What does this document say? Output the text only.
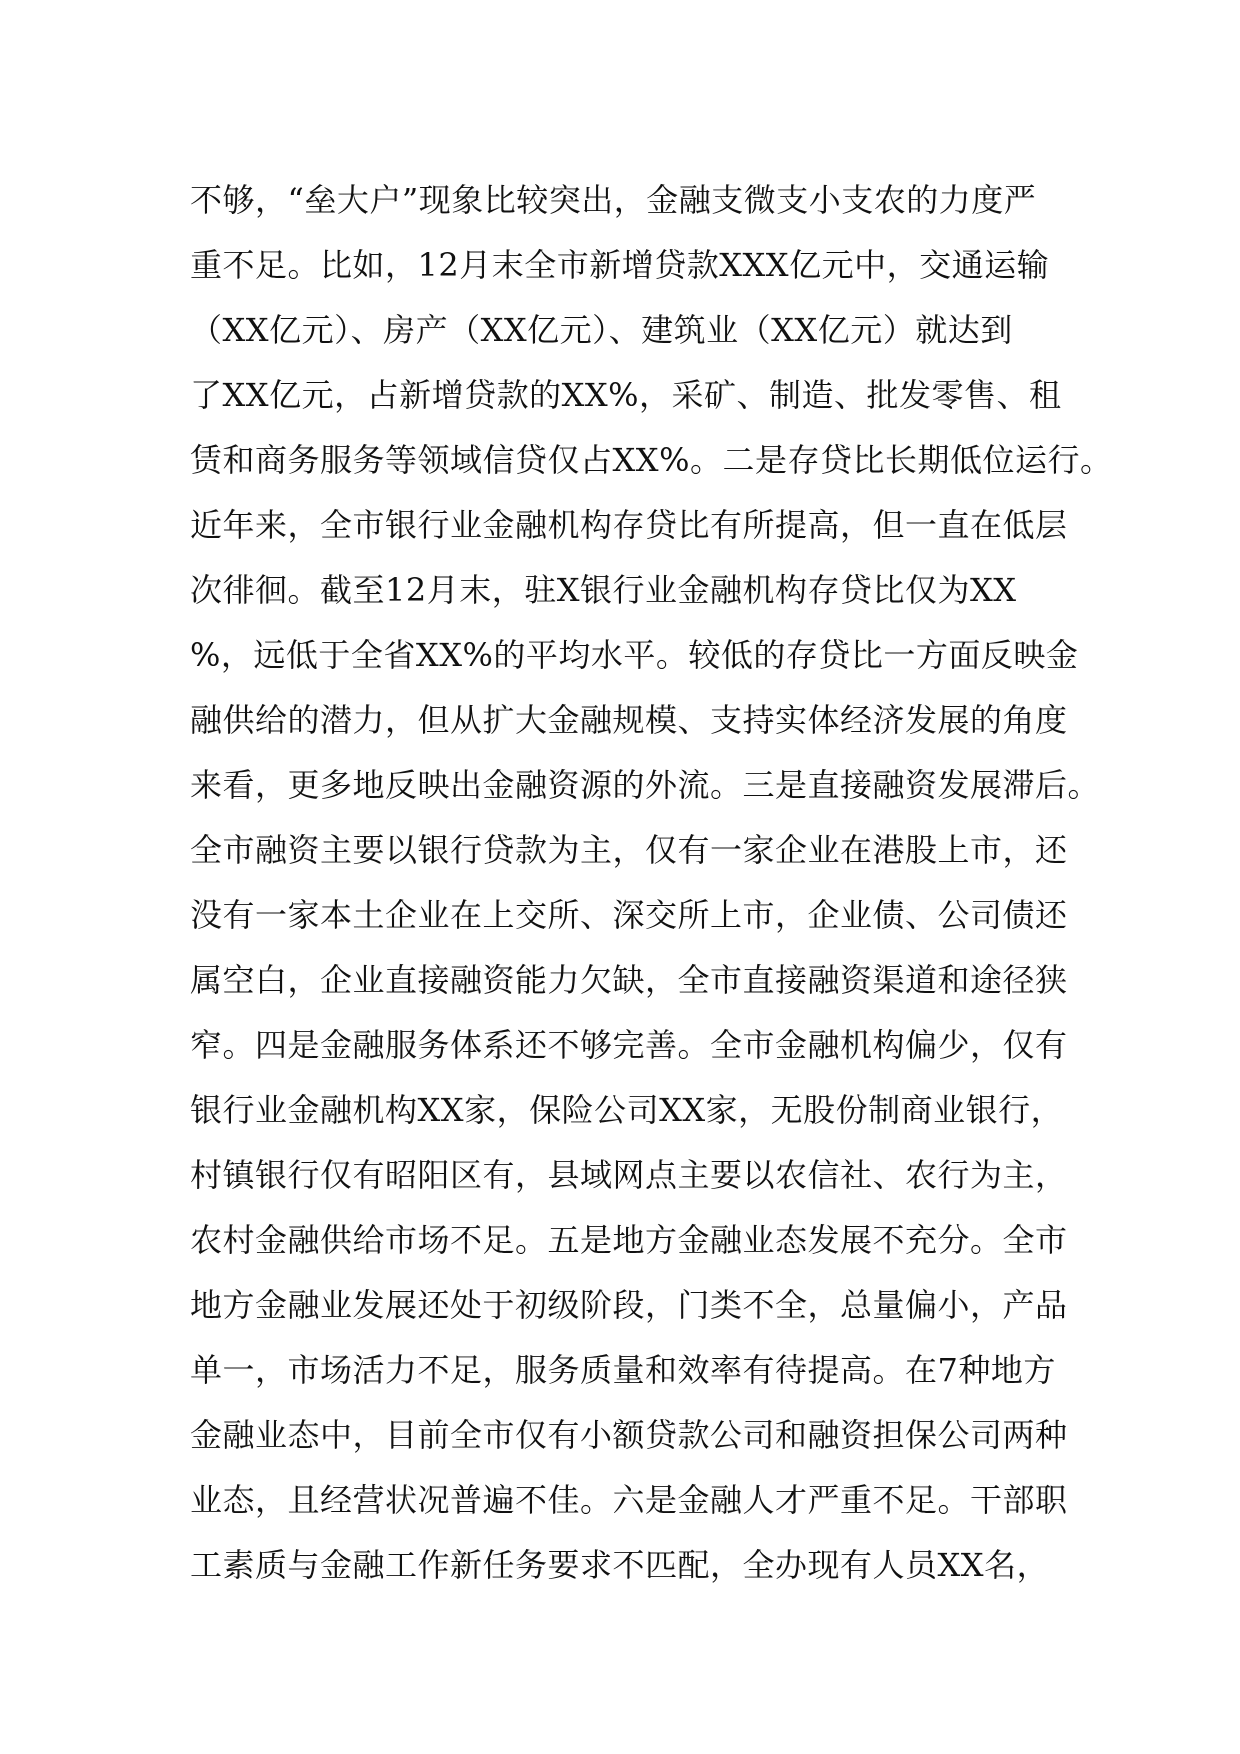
不够，“垒大户”现象比较突出，金融支微支小支农的力度严
重不足。比如，12月末全市新增贷款XXX亿元中，交通运输
（XX亿元）、房产（XX亿元）、建筑业（XX亿元）就达到
了XX亿元，占新增贷款的XX%，采矿、制造、批发零售、租
赁和商务服务等领域信贷仅占XX%。二是存贷比长期低位运行。
近年来，全市银行业金融机构存贷比有所提高，但一直在低层
次徘徊。截至12月末，驻X银行业金融机构存贷比仅为XX
%，远低于全省XX%的平均水平。较低的存贷比一方面反映金
融供给的潜力，但从扩大金融规模、支持实体经济发展的角度
来看，更多地反映出金融资源的外流。三是直接融资发展滞后。
全市融资主要以银行贷款为主，仅有一家企业在港股上市，还
没有一家本土企业在上交所、深交所上市，企业债、公司债还
属空白，企业直接融资能力欠缺，全市直接融资渠道和途径狭
窄。四是金融服务体系还不够完善。全市金融机构偏少，仅有
银行业金融机构XX家，保险公司XX家，无股份制商业银行，
村镇银行仅有昭阳区有，县域网点主要以农信社、农行为主，
农村金融供给市场不足。五是地方金融业态发展不充分。全市
地方金融业发展还处于初级阶段，门类不全，总量偏小，产品
单一，市场活力不足，服务质量和效率有待提高。在7种地方
金融业态中，目前全市仅有小额贷款公司和融资担保公司两种
业态，且经营状况普遍不佳。六是金融人才严重不足。干部职
工素质与金融工作新任务要求不匹配，全办现有人员XX名，
